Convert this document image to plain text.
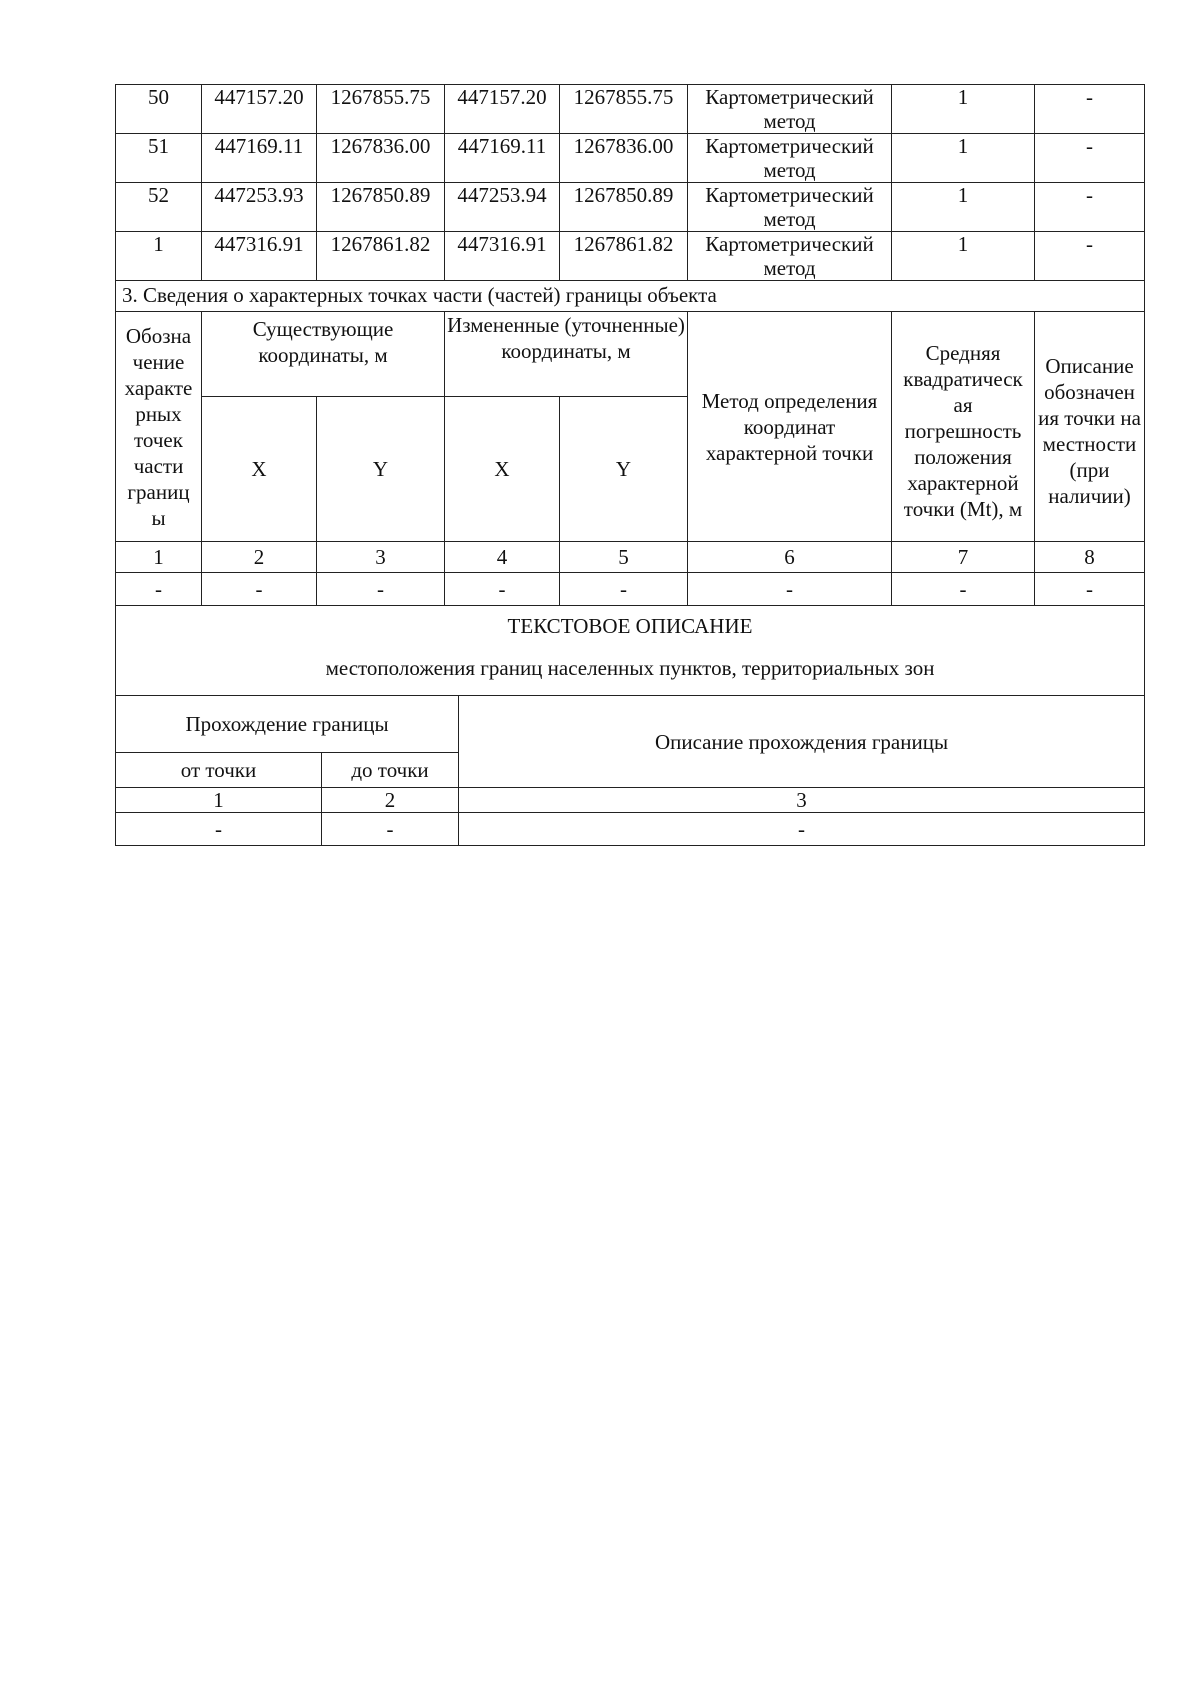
50	447157.20	1267855.75	447157.20	1267855.75	Картометрический метод	1	-
51	447169.11	1267836.00	447169.11	1267836.00	Картометрический метод	1	-
52	447253.93	1267850.89	447253.94	1267850.89	Картометрический метод	1	-
1	447316.91	1267861.82	447316.91	1267861.82	Картометрический метод	1	-
3. Сведения о характерных точках части (частей) границы объекта							
Обозна чение характе рных точек части границ ы	Существующие координаты, м		Измененные (уточненные) координаты, м		Метод определения координат характерной точки	Средняя квадратическ ая погрешность положения характерной точки (Mt), м	Описание обозначен ия точки на местности (при наличии)
	X	Y	X	Y			
1	2	3	4	5	6	7	8
-	-	-	-	-	-	-	-

ТЕКСТОВОЕ ОПИСАНИЕ
местоположения границ населенных пунктов, территориальных зон							
Прохождение границы		Описание прохождения границы
от точки	до точки	
1	2	3
-	-	-
